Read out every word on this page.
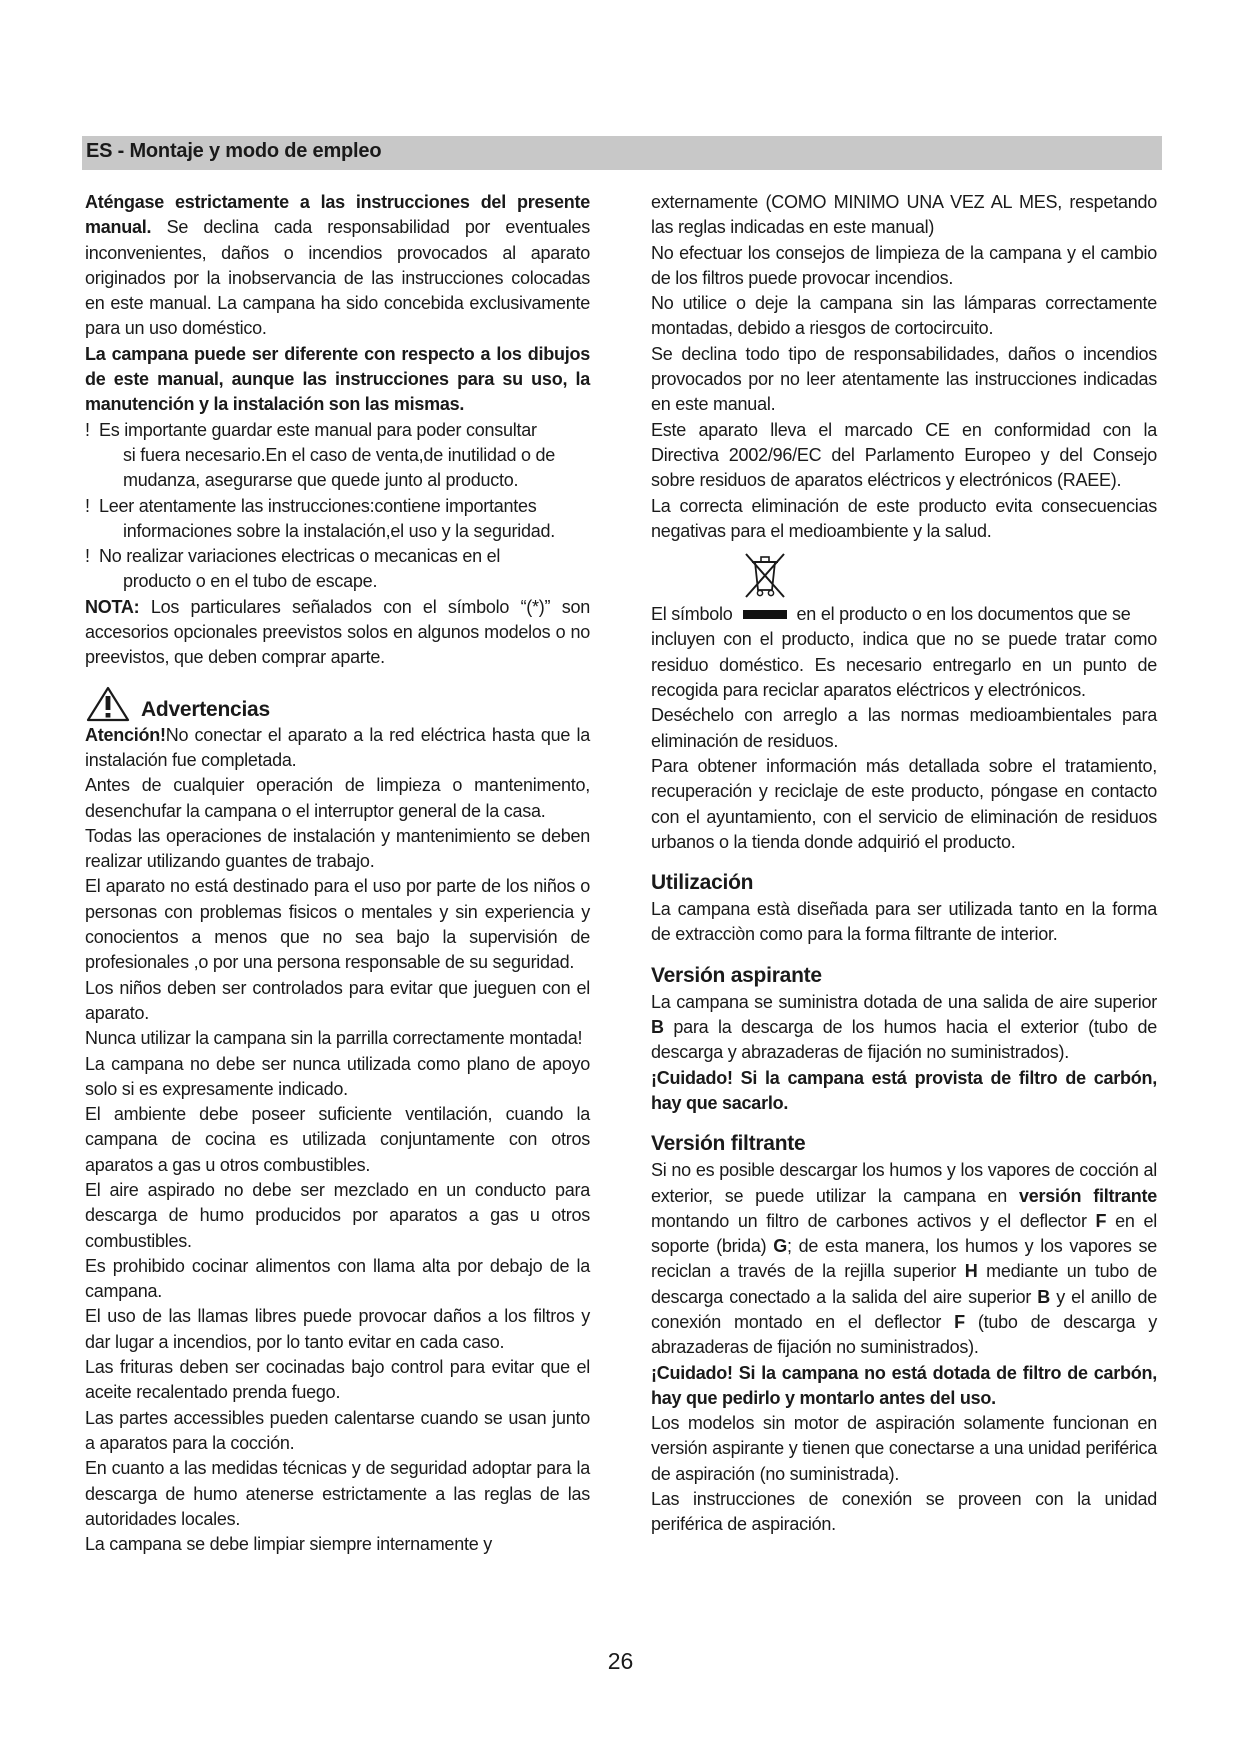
ES - Montaje y modo de empleo

Aténgase estrictamente a las instrucciones del presente manual. Se declina cada responsabilidad por eventuales inconvenientes, daños o incendios provocados al aparato originados por la inobservancia de las instrucciones colocadas en este manual. La campana ha sido concebida exclusivamente para un uso doméstico.

La campana puede ser diferente con respecto a los dibujos de este manual, aunque las instrucciones para su uso, la manutención y la instalación son las mismas.

! Es importante guardar este manual para poder consultar

si fuera necesario.En el caso de venta,de inutilidad o de mudanza, asegurarse que quede junto al producto.

! Leer atentamente las instrucciones:contiene importantes

informaciones sobre la instalación,el uso y la seguridad.

! No realizar variaciones electricas o mecanicas en el

producto o en el tubo de escape.

NOTA: Los particulares señalados con el símbolo “(*)” son accesorios opcionales preevistos solos en algunos modelos o no preevistos, que deben comprar aparte.

Advertencias

Atención!No conectar el aparato a la red eléctrica hasta que la instalación fue completada.

Antes de cualquier operación de limpieza o mantenimento, desenchufar la campana o el interruptor general de la casa.

Todas las operaciones de instalación y mantenimiento se deben realizar utilizando guantes de trabajo.

El aparato no está destinado para el uso por parte de los niños o personas con problemas fisicos o mentales y sin experiencia y conocientos a menos que no sea bajo la supervisión de profesionales ,o por una persona responsable de su seguridad.

Los niños deben ser controlados para evitar que jueguen con el aparato.

Nunca utilizar la campana sin la parrilla correctamente montada!

La campana no debe ser nunca utilizada como plano de apoyo solo si es expresamente indicado.

El ambiente debe poseer suficiente ventilación, cuando la campana de cocina es utilizada conjuntamente con otros aparatos a gas u otros combustibles.

El aire aspirado no debe ser mezclado en un conducto para descarga de humo producidos por aparatos a gas u otros combustibles.

Es prohibido cocinar alimentos con llama alta por debajo de la campana.

El uso de las llamas libres puede provocar daños a los filtros y dar lugar a incendios, por lo tanto evitar en cada caso.

Las frituras deben ser cocinadas bajo control para evitar que el aceite recalentado prenda fuego.

Las partes accessibles pueden calentarse cuando se usan junto a aparatos para la cocción.

En cuanto a las medidas técnicas y de seguridad adoptar para la descarga de humo atenerse estrictamente a las reglas de las autoridades locales.

La campana se debe limpiar siempre internamente y

externamente (COMO MINIMO UNA VEZ AL MES, respetando las reglas indicadas en este manual)

No efectuar los consejos de limpieza de la campana y el cambio de los filtros puede provocar incendios.

No utilice o deje la campana sin las lámparas correctamente montadas, debido a riesgos de cortocircuito.

Se declina todo tipo de responsabilidades, daños o incendios provocados por no leer atentamente las instrucciones indicadas en este manual.

Este aparato lleva el marcado CE en conformidad con la Directiva 2002/96/EC del Parlamento Europeo y del Consejo sobre residuos de aparatos eléctricos y electrónicos (RAEE).

La correcta eliminación de este producto evita consecuencias negativas para el medioambiente y la salud.

El símbolo	en el producto o en los documentos que se

incluyen con el producto, indica que no se puede tratar como residuo doméstico. Es necesario entregarlo en un punto de recogida para reciclar aparatos eléctricos y electrónicos.

Deséchelo con arreglo a las normas medioambientales para eliminación de residuos.

Para obtener información más detallada sobre el tratamiento, recuperación y reciclaje de este producto, póngase en contacto con el ayuntamiento, con el servicio de eliminación de residuos urbanos o la tienda donde adquirió el producto.

Utilización

La campana està diseñada para ser utilizada tanto en la forma de extracciòn como para la forma filtrante de interior.

Versión aspirante

La campana se suministra dotada de una salida de aire superior B para la descarga de los humos hacia el exterior (tubo de descarga y abrazaderas de fijación no suministrados).

¡Cuidado! Si la campana está provista de filtro de carbón, hay que sacarlo.

Versión filtrante

Si no es posible descargar los humos y los vapores de cocción al exterior, se puede utilizar la campana en versión filtrante montando un filtro de carbones activos y el deflector F en el soporte (brida) G; de esta manera, los humos y los vapores se reciclan a través de la rejilla superior H mediante un tubo de descarga conectado a la salida del aire superior B y el anillo de conexión montado en el deflector F (tubo de descarga y abrazaderas de fijación no suministrados).

¡Cuidado! Si la campana no está dotada de filtro de carbón, hay que pedirlo y montarlo antes del uso.

Los modelos sin motor de aspiración solamente funcionan en versión aspirante y tienen que conectarse a una unidad periférica de aspiración (no suministrada).

Las instrucciones de conexión se proveen con la unidad periférica de aspiración.

26
